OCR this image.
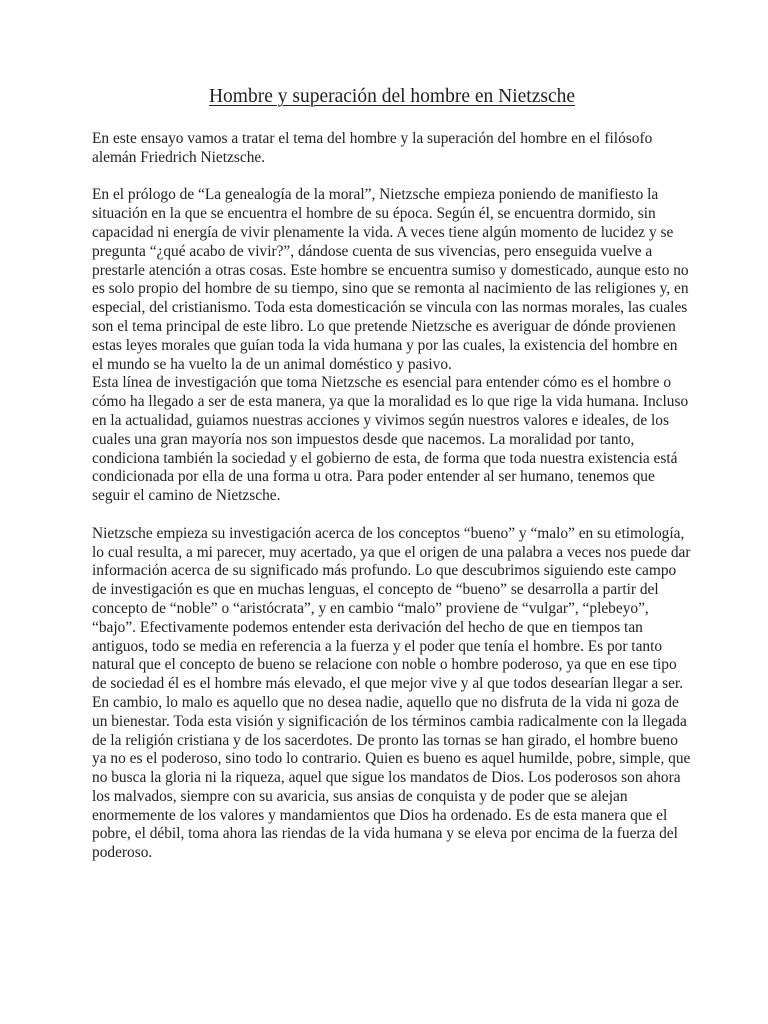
Hombre y superación del hombre en Nietzsche

En este ensayo vamos a tratar el tema del hombre y la superación del hombre en el filósofo alemán Friedrich Nietzsche.

En el prólogo de “La genealogía de la moral”, Nietzsche empieza poniendo de manifiesto la situación en la que se encuentra el hombre de su época. Según él, se encuentra dormido, sin capacidad ni energía de vivir plenamente la vida. A veces tiene algún momento de lucidez y se pregunta “¿qué acabo de vivir?”, dándose cuenta de sus vivencias, pero enseguida vuelve a prestarle atención a otras cosas. Este hombre se encuentra sumiso y domesticado, aunque esto no es solo propio del hombre de su tiempo, sino que se remonta al nacimiento de las religiones y, en especial, del cristianismo. Toda esta domesticación se vincula con las normas morales, las cuales son el tema principal de este libro. Lo que pretende Nietzsche es averiguar de dónde provienen estas leyes morales que guían toda la vida humana y por las cuales, la existencia del hombre en el mundo se ha vuelto la de un animal doméstico y pasivo.

Esta línea de investigación que toma Nietzsche es esencial para entender cómo es el hombre o cómo ha llegado a ser de esta manera, ya que la moralidad es lo que rige la vida humana. Incluso en la actualidad, guiamos nuestras acciones y vivimos según nuestros valores e ideales, de los cuales una gran mayoría nos son impuestos desde que nacemos. La moralidad por tanto, condiciona también la sociedad y el gobierno de esta, de forma que toda nuestra existencia está condicionada por ella de una forma u otra. Para poder entender al ser humano, tenemos que seguir el camino de Nietzsche.

Nietzsche empieza su investigación acerca de los conceptos “bueno” y “malo” en su etimología, lo cual resulta, a mi parecer, muy acertado, ya que el origen de una palabra a veces nos puede dar información acerca de su significado más profundo. Lo que descubrimos siguiendo este campo de investigación es que en muchas lenguas, el concepto de “bueno” se desarrolla a partir del concepto de “noble” o “aristócrata”, y en cambio “malo” proviene de “vulgar”, “plebeyo”, “bajo”. Efectivamente podemos entender esta derivación del hecho de que en tiempos tan antiguos, todo se media en referencia a la fuerza y el poder que tenía el hombre. Es por tanto natural que el concepto de bueno se relacione con noble o hombre poderoso, ya que en ese tipo de sociedad él es el hombre más elevado, el que mejor vive y al que todos desearían llegar a ser. En cambio, lo malo es aquello que no desea nadie, aquello que no disfruta de la vida ni goza de un bienestar. Toda esta visión y significación de los términos cambia radicalmente con la llegada de la religión cristiana y de los sacerdotes. De pronto las tornas se han girado, el hombre bueno ya no es el poderoso, sino todo lo contrario. Quien es bueno es aquel humilde, pobre, simple, que no busca la gloria ni la riqueza, aquel que sigue los mandatos de Dios. Los poderosos son ahora los malvados, siempre con su avaricia, sus ansias de conquista y de poder que se alejan enormemente de los valores y mandamientos que Dios ha ordenado. Es de esta manera que el pobre, el débil, toma ahora las riendas de la vida humana y se eleva por encima de la fuerza del poderoso.
